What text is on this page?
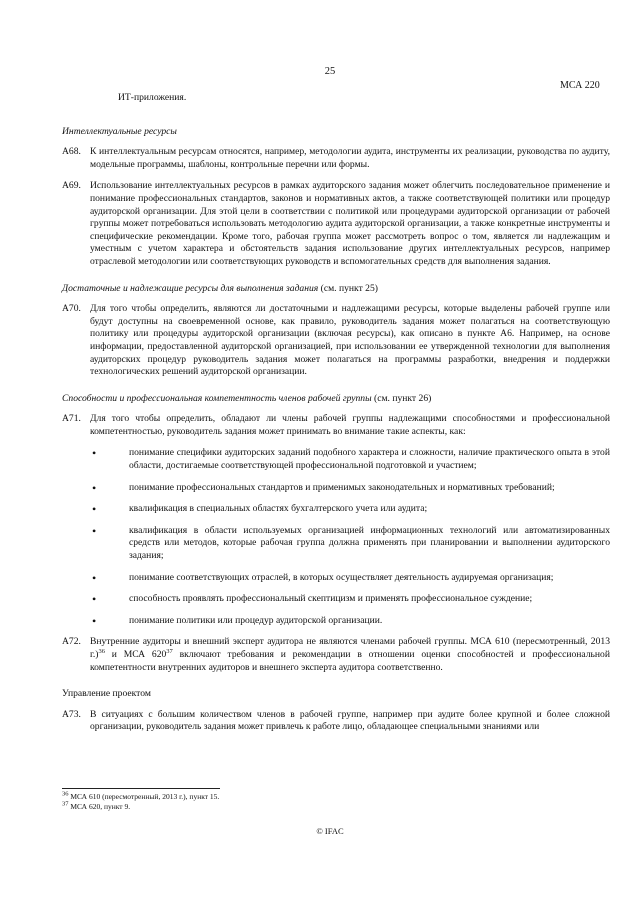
25
МСА 220

ИТ-приложения.

Интеллектуальные ресурсы
A68. К интеллектуальным ресурсам относятся, например, методологии аудита, инструменты их реализации, руководства по аудиту, модельные программы, шаблоны, контрольные перечни или формы.
A69. Использование интеллектуальных ресурсов в рамках аудиторского задания может облегчить последовательное применение и понимание профессиональных стандартов, законов и нормативных актов, а также соответствующей политики или процедур аудиторской организации. Для этой цели в соответствии с политикой или процедурами аудиторской организации от рабочей группы может потребоваться использовать методологию аудита аудиторской организации, а также конкретные инструменты и специфические рекомендации. Кроме того, рабочая группа может рассмотреть вопрос о том, является ли надлежащим и уместным с учетом характера и обстоятельств задания использование других интеллектуальных ресурсов, например отраслевой методологии или соответствующих руководств и вспомогательных средств для выполнения задания.
Достаточные и надлежащие ресурсы для выполнения задания (см. пункт 25)
A70. Для того чтобы определить, являются ли достаточными и надлежащими ресурсы, которые выделены рабочей группе или будут доступны на своевременной основе, как правило, руководитель задания может полагаться на соответствующую политику или процедуры аудиторской организации (включая ресурсы), как описано в пункте A6. Например, на основе информации, предоставленной аудиторской организацией, при использовании ее утвержденной технологии для выполнения аудиторских процедур руководитель задания может полагаться на программы разработки, внедрения и поддержки технологических решений аудиторской организации.
Способности и профессиональная компетентность членов рабочей группы (см. пункт 26)
A71. Для того чтобы определить, обладают ли члены рабочей группы надлежащими способностями и профессиональной компетентностью, руководитель задания может принимать во внимание такие аспекты, как:
•	понимание специфики аудиторских заданий подобного характера и сложности, наличие практического опыта в этой области, достигаемые соответствующей профессиональной подготовкой и участием;
•	понимание профессиональных стандартов и применимых законодательных и нормативных требований;
•	квалификация в специальных областях бухгалтерского учета или аудита;
•	квалификация в области используемых организацией информационных технологий или автоматизированных средств или методов, которые рабочая группа должна применять при планировании и выполнении аудиторского задания;
•	понимание соответствующих отраслей, в которых осуществляет деятельность аудируемая организация;
•	способность проявлять профессиональный скептицизм и применять профессиональное суждение;
•	понимание политики или процедур аудиторской организации.
A72. Внутренние аудиторы и внешний эксперт аудитора не являются членами рабочей группы. МСА 610 (пересмотренный, 2013 г.)$^{36}$ и МСА $620^{37}$ включают требования и рекомендации в отношении оценки способностей и профессиональной компетентности внутренних аудиторов и внешнего эксперта аудитора соответственно.
Управление проектом
A73. В ситуациях с большим количеством членов в рабочей группе, например при аудите более крупной и более сложной организации, руководитель задания может привлечь к работе лицо, обладающее специальными знаниями или
$^{36}$ МСА 610 (пересмотренный, 2013 г.), пункт 15.
$^{37}$ МСА 620, пункт 9.
© IFAC
